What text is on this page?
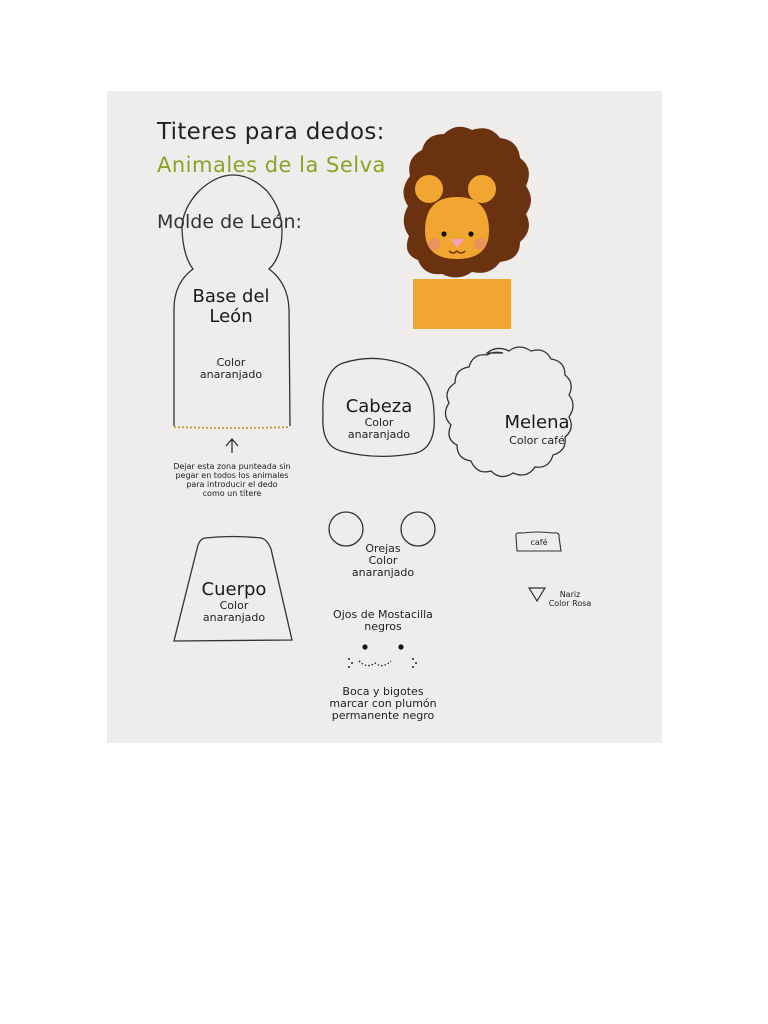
Titeres para dedos:
Animales de la Selva
Molde de León:
Base del
León
Color
anaranjado
Dejar esta zona punteada sin
pegar en todos los animales
para introducir el dedo
como un títere
Cabeza
Color
anaranjado
Melena
Color café
Orejas
Color
anaranjado
café
Nariz
Color Rosa
Cuerpo
Color
anaranjado	Ojos de Mostacilla
negros
Boca y bigotes
marcar con plumón
permanente negro
